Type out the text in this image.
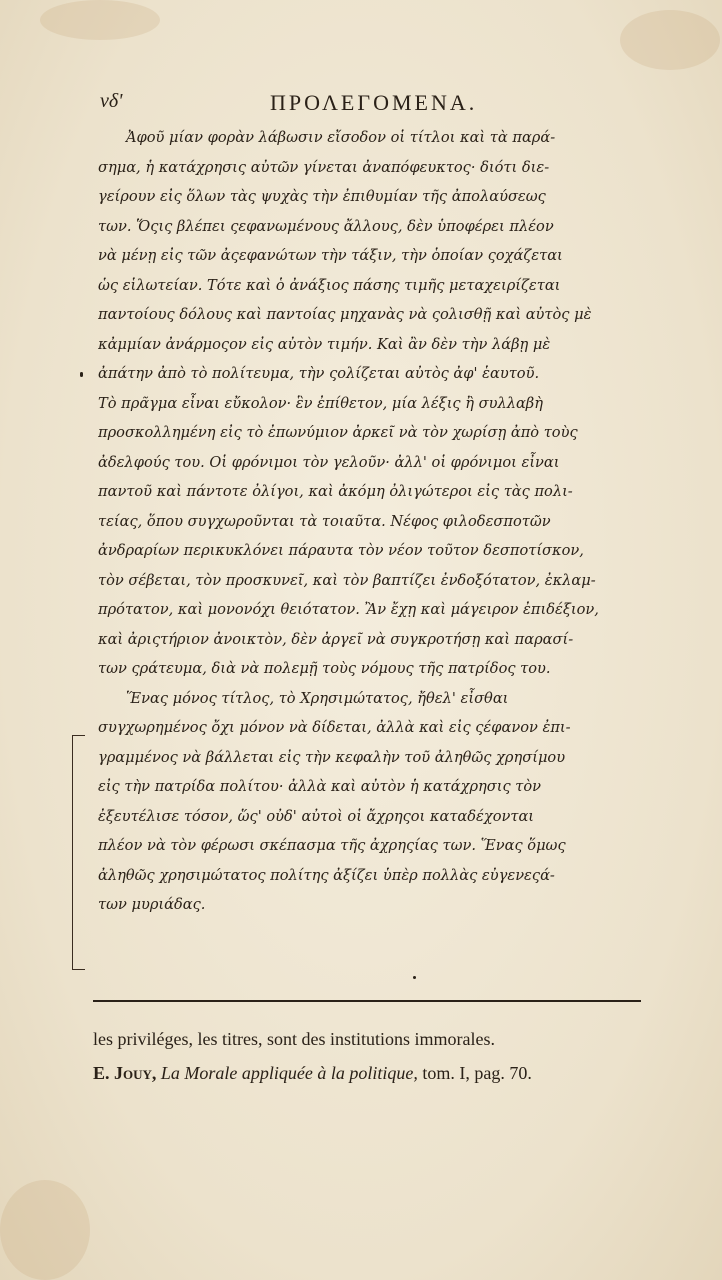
νδ'	ΠΡΟΛΕΓΟΜΕΝΑ.
Ἀφοῦ μίαν φορὰν λάβωσιν εἴσοδον οἱ τίτλοι καὶ τὰ παρά-
σημα, ἡ κατάχρησις αὐτῶν γίνεται ἀναπόφευκτος· διότι διε-
γείρουν εἰς ὅλων τὰς ψυχὰς τὴν ἐπιθυμίαν τῆς ἀπολαύσεως
των. Ὅςις βλέπει ςεφανωμένους ἄλλους, δὲν ὑποφέρει πλέον
νὰ μένῃ εἰς τῶν ἀςεφανώτων τὴν τάξιν, τὴν ὁποίαν ςοχάζεται
ὡς εἱλωτείαν. Τότε καὶ ὁ ἀνάξιος πάσης τιμῆς μεταχειρίζεται
παντοίους δόλους καὶ παντοίας μηχανὰς νὰ ςολισθῇ καὶ αὐτὸς μὲ
κἀμμίαν ἀνάρμοςον εἰς αὐτὸν τιμήν. Καὶ ἂν δὲν τὴν λάβῃ μὲ
ἀπάτην ἀπὸ τὸ πολίτευμα, τὴν ςολίζεται αὐτὸς ἀφ' ἑαυτοῦ.
Τὸ πρᾶγμα εἶναι εὔκολον· ἓν ἐπίθετον, μία λέξις ἢ συλλαβὴ
προσκολλημένη εἰς τὸ ἐπωνύμιον ἀρκεῖ νὰ τὸν χωρίσῃ ἀπὸ τοὺς
ἀδελφούς του. Οἱ φρόνιμοι τὸν γελοῦν· ἀλλ' οἱ φρόνιμοι εἶναι
παντοῦ καὶ πάντοτε ὀλίγοι, καὶ ἀκόμη ὀλιγώτεροι εἰς τὰς πολι-
τείας, ὅπου συγχωροῦνται τὰ τοιαῦτα. Νέφος φιλοδεσποτῶν
ἀνδραρίων περικυκλόνει πάραυτα τὸν νέον τοῦτον δεσποτίσκον,
τὸν σέβεται, τὸν προσκυνεῖ, καὶ τὸν βαπτίζει ἐνδοξότατον, ἐκλαμ-
πρότατον, καὶ μονονόχι θειότατον. Ἂν ἔχῃ καὶ μάγειρον ἐπιδέξιον,
καὶ ἀριςτήριον ἀνοικτὸν, δὲν ἀργεῖ νὰ συγκροτήσῃ καὶ παρασί-
των ςράτευμα, διὰ νὰ πολεμῇ τοὺς νόμους τῆς πατρίδος του.
Ἕνας μόνος τίτλος, τὸ Χρησιμώτατος, ἤθελ' εἶσθαι
συγχωρημένος ὄχι μόνον νὰ δίδεται, ἀλλὰ καὶ εἰς ςέφανον ἐπι-
γραμμένος νὰ βάλλεται εἰς τὴν κεφαλὴν τοῦ ἀληθῶς χρησίμου
εἰς τὴν πατρίδα πολίτου· ἀλλὰ καὶ αὐτὸν ἡ κατάχρησις τὸν
ἐξευτέλισε τόσον, ὥς' οὐδ' αὐτοὶ οἱ ἄχρηςοι καταδέχονται
πλέον νὰ τὸν φέρωσι σκέπασμα τῆς ἀχρηςίας των. Ἕνας ὅμως
ἀληθῶς χρησιμώτατος πολίτης ἀξίζει ὑπὲρ πολλὰς εὐγενεςά-
των μυριάδας.
les priviléges, les titres, sont des institutions immorales.
E. Jouy, La Morale appliquée à la politique, tom. I, pag. 70.
